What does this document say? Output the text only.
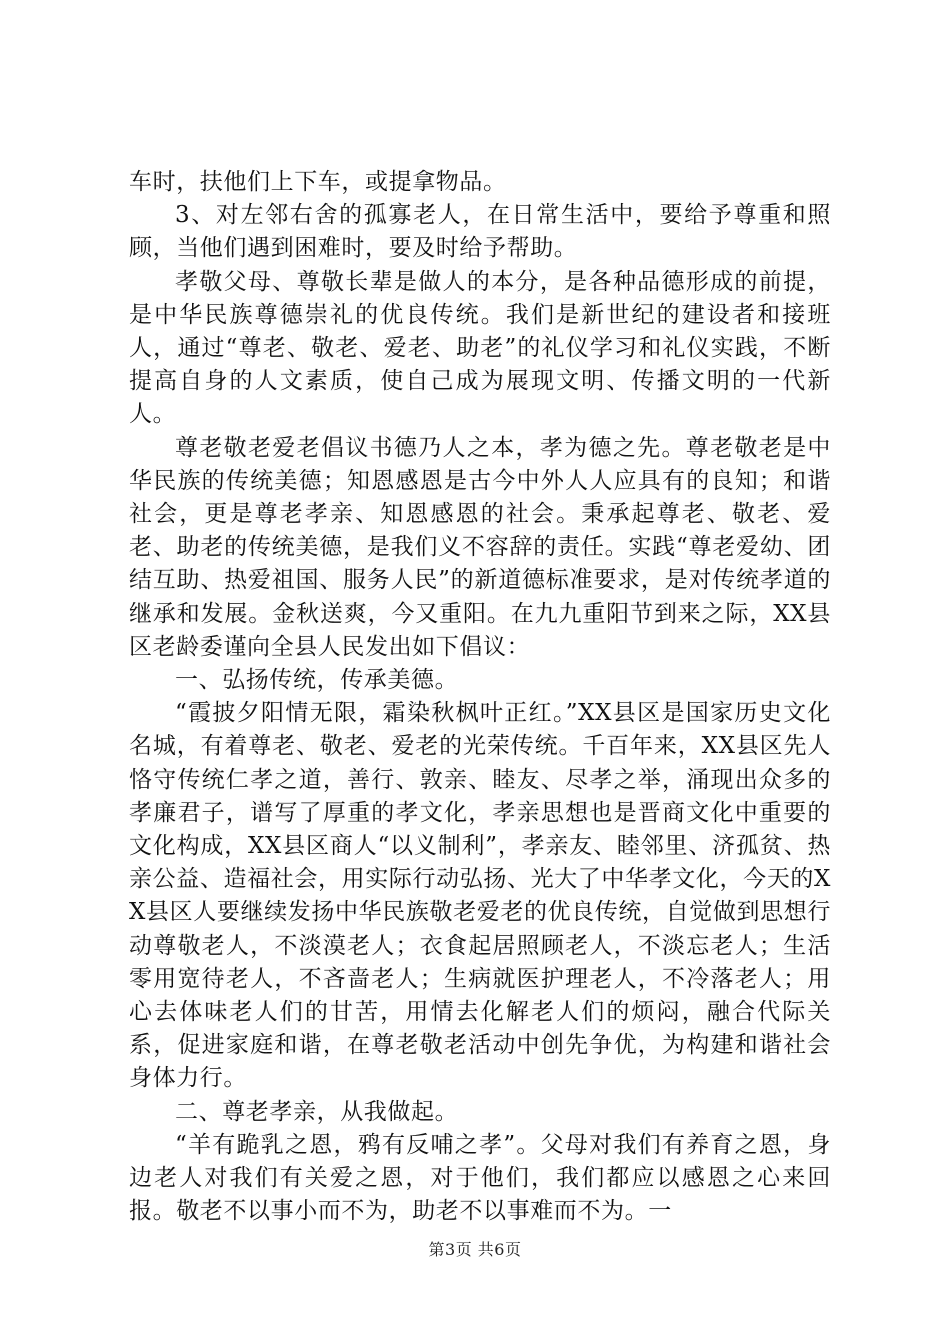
车时，扶他们上下车，或提拿物品。

3、对左邻右舍的孤寡老人，在日常生活中，要给予尊重和照顾，当他们遇到困难时，要及时给予帮助。

孝敬父母、尊敬长辈是做人的本分，是各种品德形成的前提，是中华民族尊德崇礼的优良传统。我们是新世纪的建设者和接班人，通过“尊老、敬老、爱老、助老”的礼仪学习和礼仪实践，不断提高自身的人文素质，使自己成为展现文明、传播文明的一代新人。

尊老敬老爱老倡议书德乃人之本，孝为德之先。尊老敬老是中华民族的传统美德；知恩感恩是古今中外人人应具有的良知；和谐社会，更是尊老孝亲、知恩感恩的社会。秉承起尊老、敬老、爱老、助老的传统美德，是我们义不容辞的责任。实践“尊老爱幼、团结互助、热爱祖国、服务人民”的新道德标准要求，是对传统孝道的继承和发展。金秋送爽，今又重阳。在九九重阳节到来之际，XX县区老龄委谨向全县人民发出如下倡议：

一、弘扬传统，传承美德。

“霞披夕阳情无限，霜染秋枫叶正红。”XX县区是国家历史文化名城，有着尊老、敬老、爱老的光荣传统。千百年来，XX县区先人恪守传统仁孝之道，善行、敦亲、睦友、尽孝之举，涌现出众多的孝廉君子，谱写了厚重的孝文化，孝亲思想也是晋商文化中重要的文化构成，XX县区商人“以义制利”，孝亲友、睦邻里、济孤贫、热亲公益、造福社会，用实际行动弘扬、光大了中华孝文化，今天的XX县区人要继续发扬中华民族敬老爱老的优良传统，自觉做到思想行动尊敬老人，不淡漠老人；衣食起居照顾老人，不淡忘老人；生活零用宽待老人，不吝啬老人；生病就医护理老人，不冷落老人；用心去体味老人们的甘苦，用情去化解老人们的烦闷，融合代际关系，促进家庭和谐，在尊老敬老活动中创先争优，为构建和谐社会身体力行。

二、尊老孝亲，从我做起。

“羊有跪乳之恩，鸦有反哺之孝”。父母对我们有养育之恩，身边老人对我们有关爱之恩，对于他们，我们都应以感恩之心来回报。敬老不以事小而不为，助老不以事难而不为。一

第3页 共6页
